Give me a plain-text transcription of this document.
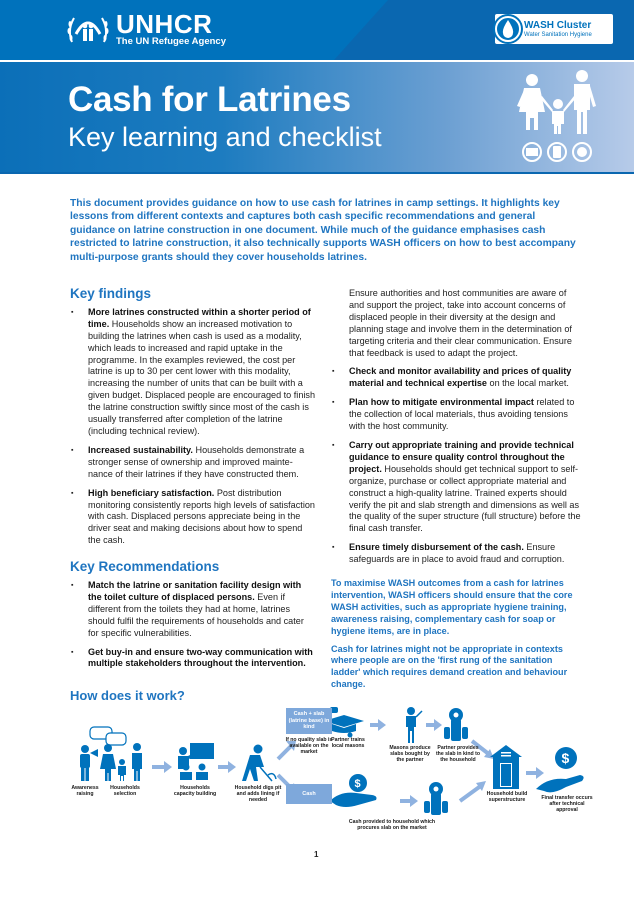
UNHCR
The UN Refugee Agency
WASH Cluster
Water Sanitation Hygiene
Cash for Latrines
Key learning and checklist
This document provides guidance on how to use cash for latrines in camp settings. It highlights key lessons from different contexts and captures both cash specific recommendations and general guidance on latrine construction in one document. While much of the guidance emphasises cash restricted to latrine construction, it also technically supports WASH officers on how to best accompany multi-purpose grants should they cover households latrines.
Key findings
▪ More latrines constructed within a shorter period of time. Households show an increased motivation to building the latrines when cash is used as a modality, which leads to increased and rapid uptake in the programme. In the examples reviewed, the cost per latrine is up to 30 per cent lower with this modality, increasing the number of units that can be built with a given budget. Displaced people are encouraged to finish the latrine construction swiftly since most of the cash is usually transferred after completion of the latrine (including technical review).
▪ Increased sustainability. Households demonstrate a stronger sense of ownership and improved mainte-nance of their latrines if they have constructed them.
▪ High beneficiary satisfaction. Post distribution monitoring consistently reports high levels of satisfaction with cash. Displaced persons appreciate being in the driver seat and making decisions about how to spend the cash.
Key Recommendations
▪ Match the latrine or sanitation facility design with the toilet culture of displaced persons. Even if different from the toilets they had at home, latrines should fulfil the requirements of households and cater for specific vulnerabilities.
▪ Get buy-in and ensure two-way communication with multiple stakeholders throughout the intervention.
Ensure authorities and host communities are aware of and support the project, take into account concerns of displaced people in their diversity at the design and planning stage and involve them in the determination of targeting criteria and their clear communication. Ensure that feedback is used to adapt the project.
▪ Check and monitor availability and prices of quality material and technical expertise on the local market.
▪ Plan how to mitigate environmental impact related to the collection of local materials, thus avoiding tensions with the host community.
▪ Carry out appropriate training and provide technical guidance to ensure quality control throughout the project. Households should get technical support to self-organize, purchase or collect appropriate material and construct a high-quality latrine. Trained experts should verify the pit and slab strength and dimensions as well as the quality of the super structure (full structure) before the final cash transfer.
▪ Ensure timely disbursement of the cash. Ensure safeguards are in place to avoid fraud and corruption.

To maximise WASH outcomes from a cash for latrines intervention, WASH officers should ensure that the core WASH activities, such as appropriate hygiene training, awareness raising, complementary cash for soap or hygiene items, are in place.

Cash for latrines might not be appropriate in contexts where people are on the 'first rung of the sanitation ladder' which requires demand creation and behaviour change.

How does it work?
$
$
Cash + slab (latrine base) in kind
Cash
Awareness raising
Households selection
Households capacity building
Household digs pit and adds lining if needed
If no quality slab is available on the market
Partner trains local masons	Masons produce slabs bought by the partner
Partner provides the slab in kind to the household
Cash provided to household which procures slab on the market
Household build superstructure	Final transfer occurs after technical approval
1
